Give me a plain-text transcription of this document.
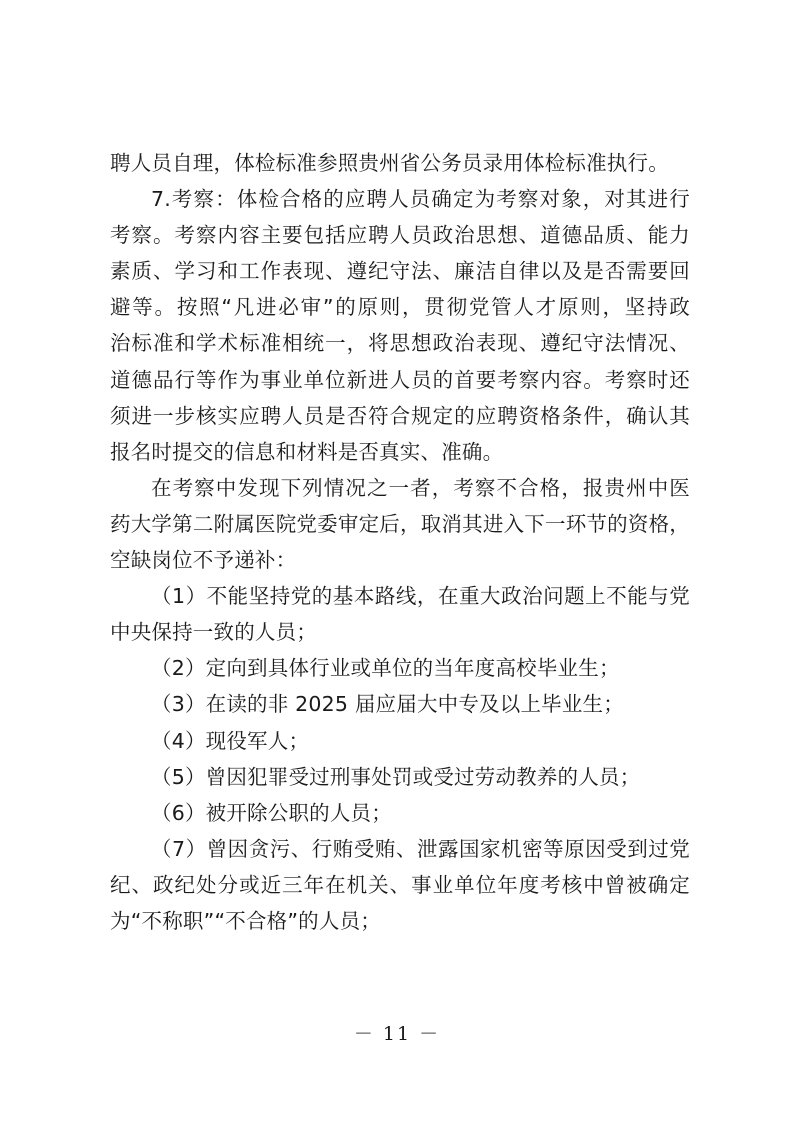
聘人员自理，体检标准参照贵州省公务员录用体检标准执行。
7.考察：体检合格的应聘人员确定为考察对象，对其进行
考察。考察内容主要包括应聘人员政治思想、道德品质、能力
素质、学习和工作表现、遵纪守法、廉洁自律以及是否需要回
避等。按照“凡进必审”的原则，贯彻党管人才原则，坚持政
治标准和学术标准相统一，将思想政治表现、遵纪守法情况、
道德品行等作为事业单位新进人员的首要考察内容。考察时还
须进一步核实应聘人员是否符合规定的应聘资格条件，确认其
报名时提交的信息和材料是否真实、准确。
在考察中发现下列情况之一者，考察不合格，报贵州中医
药大学第二附属医院党委审定后，取消其进入下一环节的资格，
空缺岗位不予递补：
（1）不能坚持党的基本路线，在重大政治问题上不能与党
中央保持一致的人员；
（2）定向到具体行业或单位的当年度高校毕业生；
（3）在读的非 2025 届应届大中专及以上毕业生；
（4）现役军人；
（5）曾因犯罪受过刑事处罚或受过劳动教养的人员；
（6）被开除公职的人员；
（7）曾因贪污、行贿受贿、泄露国家机密等原因受到过党
纪、政纪处分或近三年在机关、事业单位年度考核中曾被确定
为“不称职”“不合格”的人员；
－ 11 －
